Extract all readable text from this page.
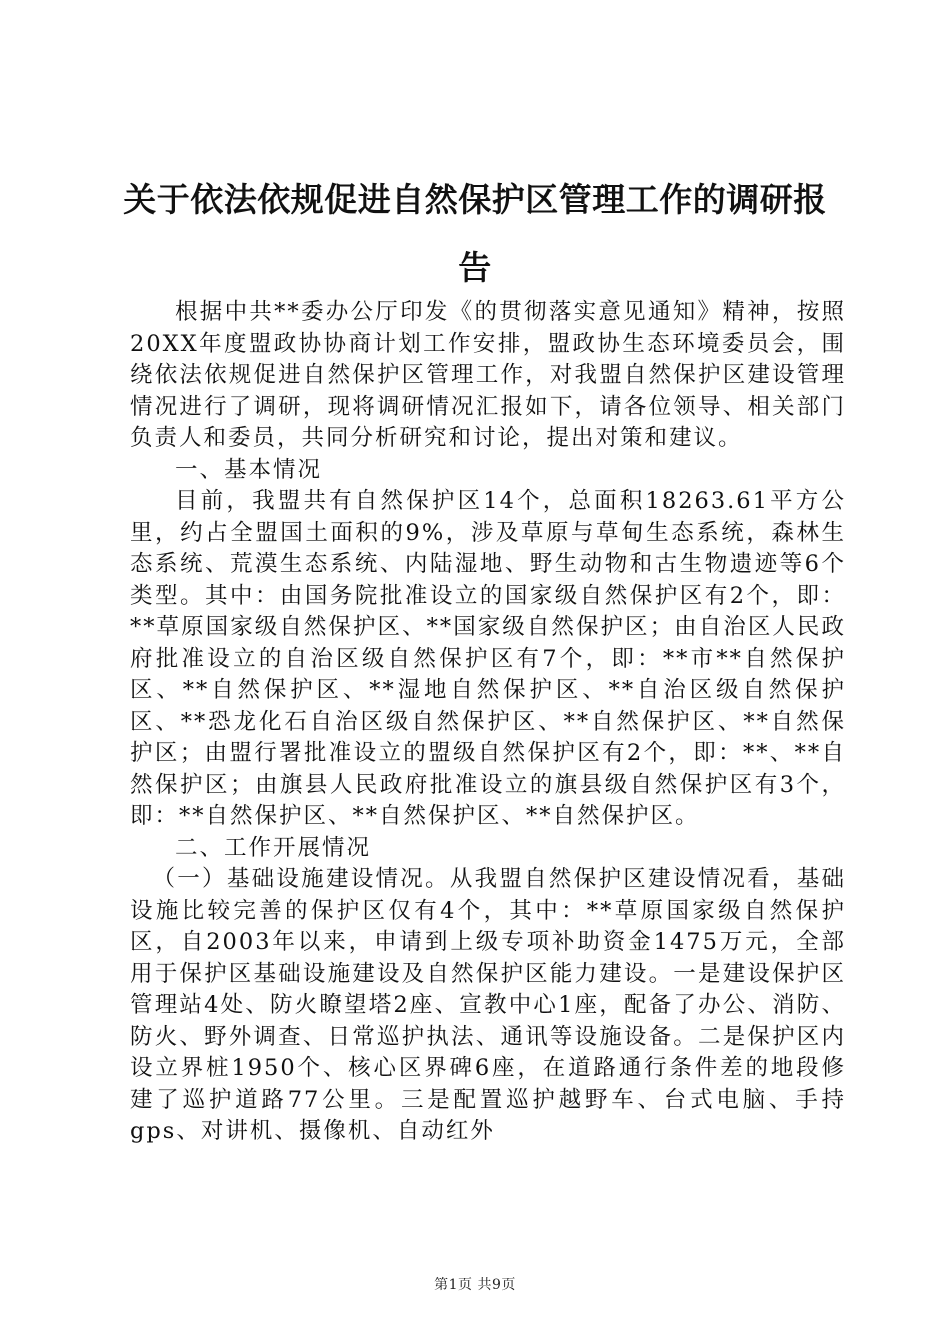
关于依法依规促进自然保护区管理工作的调研报告

根据中共**委办公厅印发《的贯彻落实意见通知》精神，按照20XX年度盟政协协商计划工作安排，盟政协生态环境委员会，围绕依法依规促进自然保护区管理工作，对我盟自然保护区建设管理情况进行了调研，现将调研情况汇报如下，请各位领导、相关部门负责人和委员，共同分析研究和讨论，提出对策和建议。

一、基本情况

目前，我盟共有自然保护区14个，总面积18263.61平方公里，约占全盟国土面积的9%，涉及草原与草甸生态系统，森林生态系统、荒漠生态系统、内陆湿地、野生动物和古生物遗迹等6个类型。其中：由国务院批准设立的国家级自然保护区有2个，即：**草原国家级自然保护区、**国家级自然保护区；由自治区人民政府批准设立的自治区级自然保护区有7个，即：**市**自然保护区、**自然保护区、**湿地自然保护区、**自治区级自然保护区、**恐龙化石自治区级自然保护区、**自然保护区、**自然保护区；由盟行署批准设立的盟级自然保护区有2个，即：**、**自然保护区；由旗县人民政府批准设立的旗县级自然保护区有3个，即：**自然保护区、**自然保护区、**自然保护区。

二、工作开展情况

（一）基础设施建设情况。从我盟自然保护区建设情况看，基础设施比较完善的保护区仅有4个，其中：**草原国家级自然保护区，自2003年以来，申请到上级专项补助资金1475万元，全部用于保护区基础设施建设及自然保护区能力建设。一是建设保护区管理站4处、防火瞭望塔2座、宣教中心1座，配备了办公、消防、防火、野外调查、日常巡护执法、通讯等设施设备。二是保护区内设立界桩1950个、核心区界碑6座，在道路通行条件差的地段修建了巡护道路77公里。三是配置巡护越野车、台式电脑、手持gps、对讲机、摄像机、自动红外

第1页 共9页
